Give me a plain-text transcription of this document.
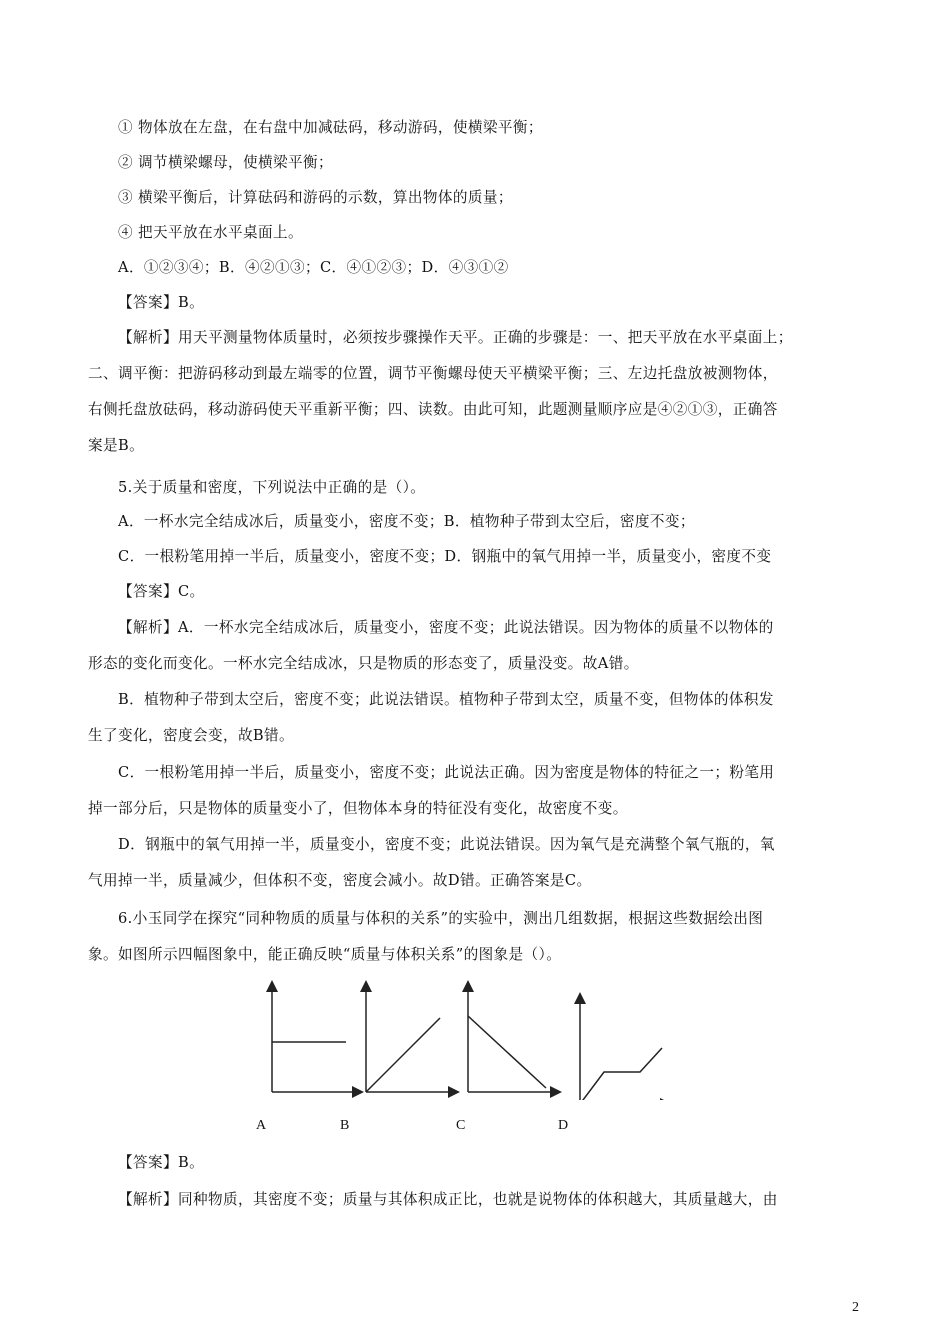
① 物体放在左盘，在右盘中加减砝码，移动游码，使横梁平衡；
② 调节横梁螺母，使横梁平衡；
③ 横梁平衡后，计算砝码和游码的示数，算出物体的质量；
④ 把天平放在水平桌面上。
A．①②③④；B．④②①③；C．④①②③；D．④③①②
【答案】B。
【解析】用天平测量物体质量时，必须按步骤操作天平。正确的步骤是：一、把天平放在水平桌面上；
二、调平衡：把游码移动到最左端零的位置，调节平衡螺母使天平横梁平衡；三、左边托盘放被测物体，
右侧托盘放砝码，移动游码使天平重新平衡；四、读数。由此可知，此题测量顺序应是④②①③，正确答
案是B。
5.关于质量和密度，下列说法中正确的是（）。
A．一杯水完全结成冰后，质量变小，密度不变；B．植物种子带到太空后，密度不变；
C．一根粉笔用掉一半后，质量变小，密度不变；D．钢瓶中的氧气用掉一半，质量变小，密度不变
【答案】C。
【解析】A．一杯水完全结成冰后，质量变小，密度不变；此说法错误。因为物体的质量不以物体的
形态的变化而变化。一杯水完全结成冰，只是物质的形态变了，质量没变。故A错。
B．植物种子带到太空后，密度不变；此说法错误。植物种子带到太空，质量不变，但物体的体积发
生了变化，密度会变，故B错。
C．一根粉笔用掉一半后，质量变小，密度不变；此说法正确。因为密度是物体的特征之一；粉笔用
掉一部分后，只是物体的质量变小了，但物体本身的特征没有变化，故密度不变。
D．钢瓶中的氧气用掉一半，质量变小，密度不变；此说法错误。因为氧气是充满整个氧气瓶的，氧
气用掉一半，质量减少，但体积不变，密度会减小。故D错。正确答案是C。
6.小玉同学在探究“同种物质的质量与体积的关系”的实验中，测出几组数据，根据这些数据绘出图
象。如图所示四幅图象中，能正确反映“质量与体积关系”的图象是（）。
A	B	C	D
【答案】B。
【解析】同种物质，其密度不变；质量与其体积成正比，也就是说物体的体积越大，其质量越大，由
2
